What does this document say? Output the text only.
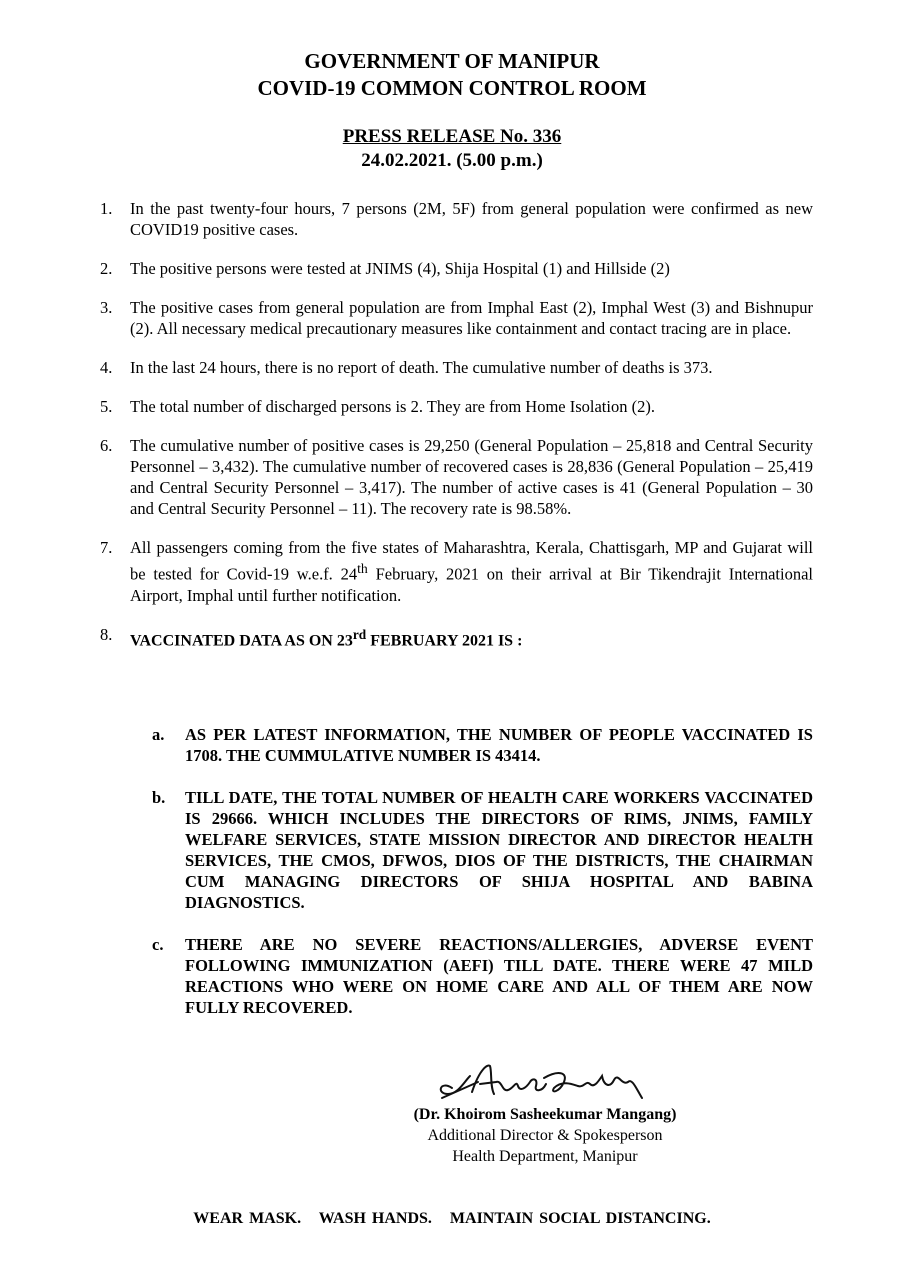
GOVERNMENT OF MANIPUR
COVID-19 COMMON CONTROL ROOM
PRESS RELEASE No. 336
24.02.2021. (5.00 p.m.)
1.	In the past twenty-four hours, 7 persons (2M, 5F) from general population were confirmed as new COVID19 positive cases.
2.	The positive persons were tested at JNIMS (4), Shija Hospital (1) and Hillside (2)
3.	The positive cases from general population are from Imphal East (2), Imphal West (3) and Bishnupur (2). All necessary medical precautionary measures like containment and contact tracing are in place.
4.	In the last 24 hours, there is no report of death. The cumulative number of deaths is 373.
5.	The total number of discharged persons is 2. They are from Home Isolation (2).
6.	The cumulative number of positive cases is 29,250 (General Population – 25,818 and Central Security Personnel – 3,432). The cumulative number of recovered cases is 28,836 (General Population – 25,419 and Central Security Personnel – 3,417). The number of active cases is 41 (General Population – 30 and Central Security Personnel – 11). The recovery rate is 98.58%.
7.	All passengers coming from the five states of Maharashtra, Kerala, Chattisgarh, MP and Gujarat will be tested for Covid-19 w.e.f. 24th February, 2021 on their arrival at Bir Tikendrajit International Airport, Imphal until further notification.
8.	VACCINATED DATA AS ON 23rd FEBRUARY 2021 IS :
a.	AS PER LATEST INFORMATION, THE NUMBER OF PEOPLE VACCINATED IS 1708. THE CUMMULATIVE NUMBER IS 43414.
b.	TILL DATE, THE TOTAL NUMBER OF HEALTH CARE WORKERS VACCINATED IS 29666. WHICH INCLUDES THE DIRECTORS OF RIMS, JNIMS, FAMILY WELFARE SERVICES, STATE MISSION DIRECTOR AND DIRECTOR HEALTH SERVICES, THE CMOS, DFWOS, DIOS OF THE DISTRICTS, THE CHAIRMAN CUM MANAGING DIRECTORS OF SHIJA HOSPITAL AND BABINA DIAGNOSTICS.
c.	THERE ARE NO SEVERE REACTIONS/ALLERGIES, ADVERSE EVENT FOLLOWING IMMUNIZATION (AEFI) TILL DATE. THERE WERE 47 MILD REACTIONS WHO WERE ON HOME CARE AND ALL OF THEM ARE NOW FULLY RECOVERED.
(Dr. Khoirom Sasheekumar Mangang)
Additional Director & Spokesperson
Health Department, Manipur
WEAR MASK.   WASH HANDS.   MAINTAIN SOCIAL DISTANCING.
